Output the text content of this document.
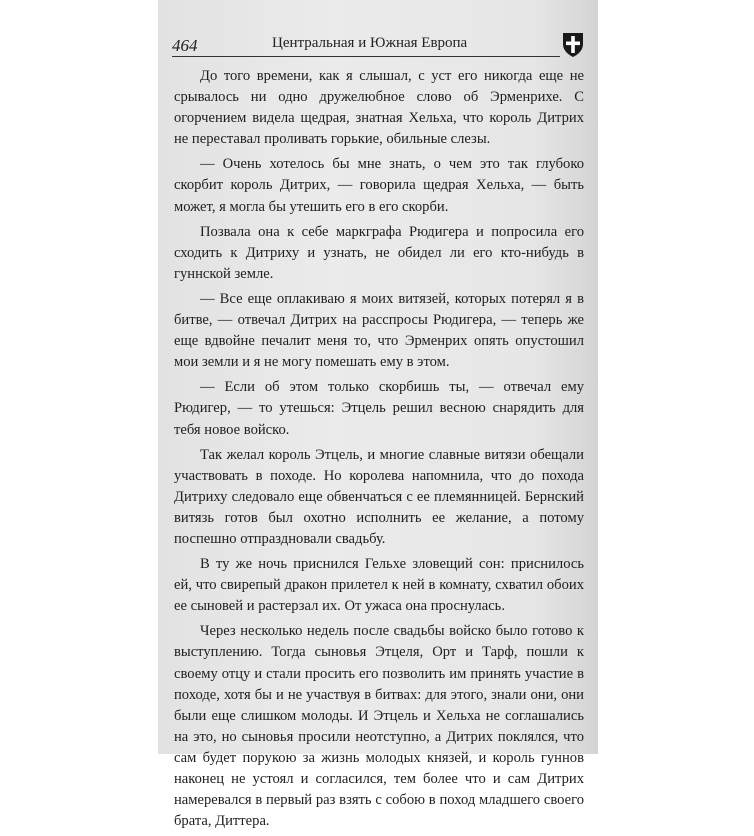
464	Центральная и Южная Европа

До того времени, как я слышал, с уст его никогда еще не срывалось ни одно дружелюбное слово об Эрменрихе. С огорчением видела щедрая, знатная Хельха, что король Дитрих не переставал проливать горькие, обильные слезы.

— Очень хотелось бы мне знать, о чем это так глубоко скорбит король Дитрих, — говорила щедрая Хельха, — быть может, я могла бы утешить его в его скорби.

Позвала она к себе маркграфа Рюдигера и попросила его сходить к Дитриху и узнать, не обидел ли его кто-нибудь в гуннской земле.

— Все еще оплакиваю я моих витязей, которых потерял я в битве, — отвечал Дитрих на расспросы Рюдигера, — теперь же еще вдвойне печалит меня то, что Эрменрих опять опустошил мои земли и я не могу помешать ему в этом.

— Если об этом только скорбишь ты, — отвечал ему Рюдигер, — то утешься: Этцель решил весною снарядить для тебя новое войско.

Так желал король Этцель, и многие славные витязи обещали участвовать в походе. Но королева напомнила, что до похода Дитриху следовало еще обвенчаться с ее племянницей. Бернский витязь готов был охотно исполнить ее желание, а потому поспешно отпраздновали свадьбу.

В ту же ночь приснился Гельхе зловещий сон: приснилось ей, что свирепый дракон прилетел к ней в комнату, схватил обоих ее сыновей и растерзал их. От ужаса она проснулась.

Через несколько недель после свадьбы войско было готово к выступлению. Тогда сыновья Этцеля, Орт и Тарф, пошли к своему отцу и стали просить его позволить им принять участие в походе, хотя бы и не участвуя в битвах: для этого, знали они, они были еще слишком молоды. И Этцель и Хельха не соглашались на это, но сыновья просили неотступно, а Дитрих поклялся, что сам будет порукою за жизнь молодых князей, и король гуннов наконец не устоял и согласился, тем более что и сам Дитрих намеревался в первый раз взять с собою в поход младшего своего брата, Диттера.
